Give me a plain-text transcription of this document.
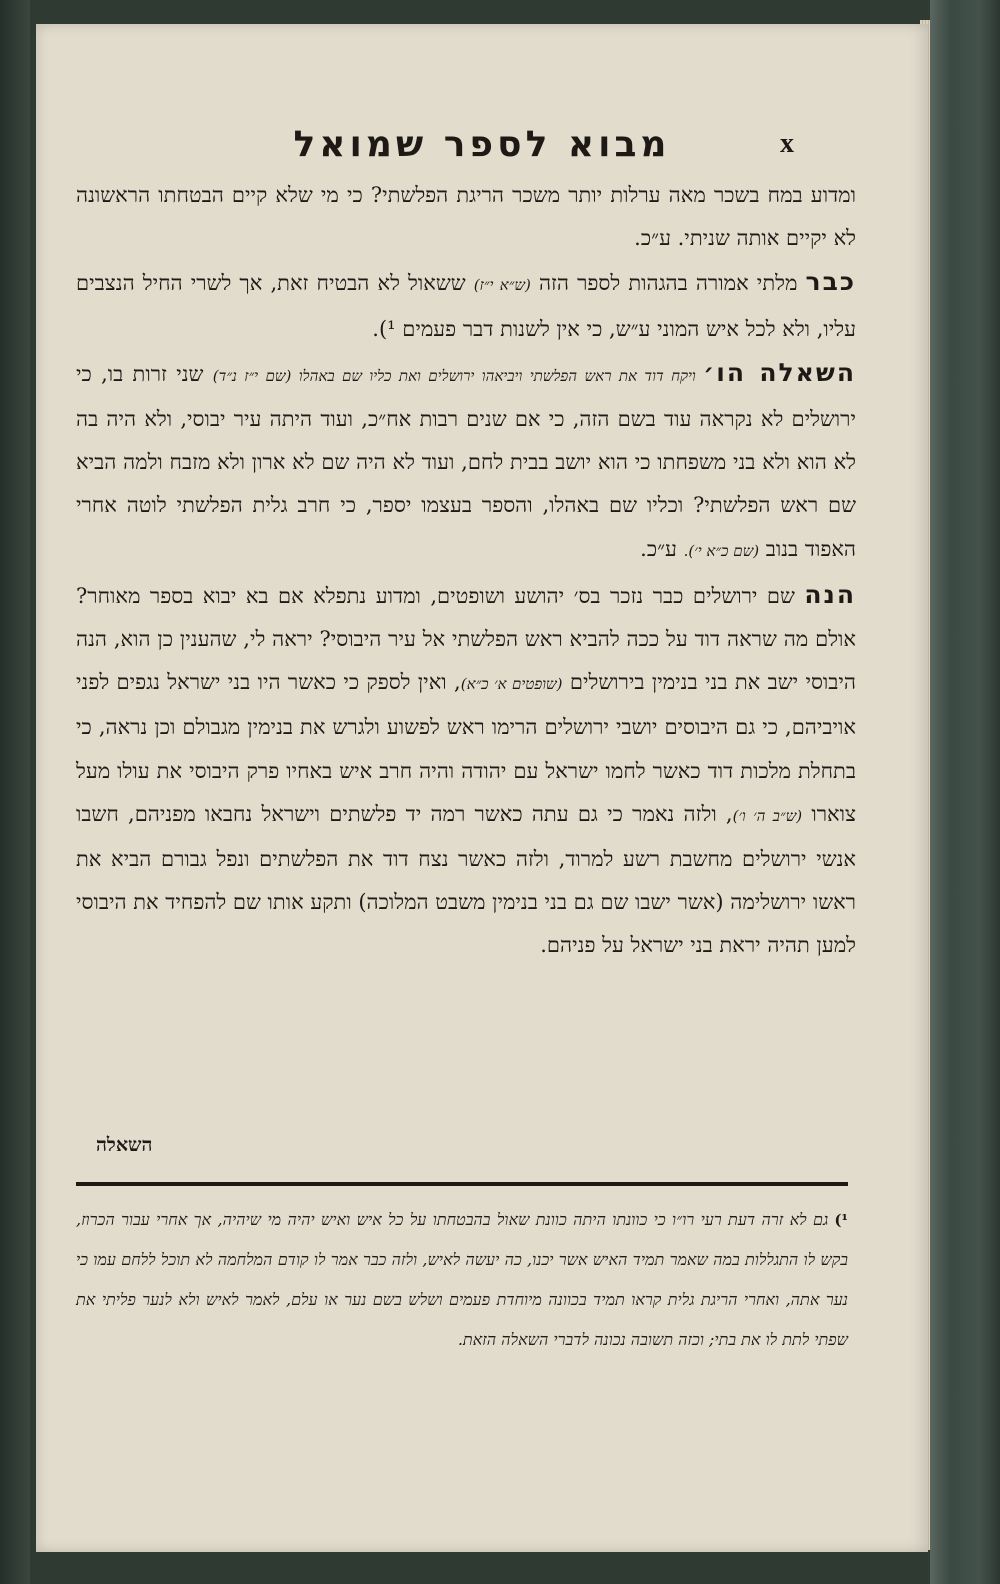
מבוא לספר שמואל	x

ומדוע במח בשכר מאה ערלות יותר משכר הריגת הפלשתי? כי מי שלא קיים הבטחתו הראשונה לא יקיים אותה שניתי. ע״כ.

כבר מלתי אמורה בהגהות לספר הזה (ש״א י״ז) ששאול לא הבטיח זאת, אך לשרי החיל הנצבים עליו, ולא לכל איש המוני ע״ש, כי אין לשנות דבר פעמים ¹).

השאלה הו׳ ויקח דוד את ראש הפלשתי ויביאהו ירושלים ואת כליו שם באהלו (שם י״ז נ״ד) שני זרות בו, כי ירושלים לא נקראה עוד בשם הזה, כי אם שנים רבות אח״כ, ועוד היתה עיר יבוסי, ולא היה בה לא הוא ולא בני משפחתו כי הוא יושב בבית לחם, ועוד לא היה שם לא ארון ולא מזבח ולמה הביא שם ראש הפלשתי? וכליו שם באהלו, והספר בעצמו יספר, כי חרב גלית הפלשתי לוטה אחרי האפוד בנוב (שם כ״א י׳). ע״כ.

הנה שם ירושלים כבר נזכר בס׳ יהושע ושופטים, ומדוע נתפלא אם בא יבוא בספר מאוחר? אולם מה שראה דוד על ככה להביא ראש הפלשתי אל עיר היבוסי? יראה לי, שהענין כן הוא, הנה היבוסי ישב את בני בנימין בירושלים (שופטים א׳ כ״א), ואין לספק כי כאשר היו בני ישראל נגפים לפני אויביהם, כי גם היבוסים יושבי ירושלים הרימו ראש לפשוע ולגרש את בנימין מגבולם וכן נראה, כי בתחלת מלכות דוד כאשר לחמו ישראל עם יהודה והיה חרב איש באחיו פרק היבוסי את עולו מעל צוארו (ש״ב ה׳ ו׳), ולזה נאמר כי גם עתה כאשר רמה יד פלשתים וישראל נחבאו מפניהם, חשבו אנשי ירושלים מחשבת רשע למרוד, ולזה כאשר נצח דוד את הפלשתים ונפל גבורם הביא את ראשו ירושלימה (אשר ישבו שם גם בני בנימין משבט המלוכה) ותקע אותו שם להפחיד את היבוסי למען תהיה יראת בני ישראל על פניהם.

השאלה

¹)גם לא זרה דעת רעי רו״ו כי כוונתו היתה כוונת שאול בהבטחתו על כל איש ואיש יהיה מי שיהיה, אך אחרי עבור הכרוז, בקש לו התגללות במה שאמר תמיד האיש אשר יכנו, כה יעשה לאיש, ולזה כבר אמר לו קודם המלחמה לא תוכל ללחם עמו כי נער אתה, ואחרי הריגת גלית קראו תמיד בכוונה מיוחדת פעמים ושלש בשם נער או עלם, לאמר לאיש ולא לנער פליתי את שפתי לתת לו את בתי; וכזה תשובה נכונה לדברי השאלה הזאת.
